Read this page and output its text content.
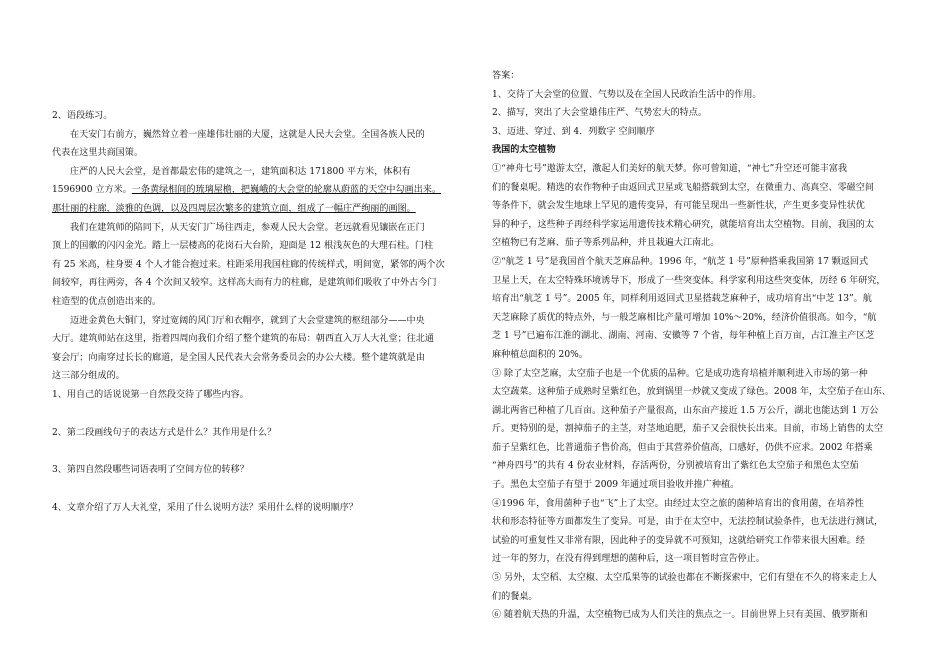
2、语段练习。
在天安门右前方，巍然耸立着一座雄伟壮丽的大厦，这就是人民大会堂。全国各族人民的
代表在这里共商国策。
庄严的人民大会堂，是首都最宏伟的建筑之一，建筑面积达 171800 平方米，体积有
1596900 立方米。一条黄绿相间的琉璃屋檐，把巍峨的大会堂的轮廓从蔚蓝的天空中勾画出来。
那壮丽的柱廊，淡雅的色调，以及四周层次繁多的建筑立面，组成了一幅庄严绚丽的画图。
我们在建筑师的陪同下，从天安门广场往西走，参观人民大会堂。老远就看见镶嵌在正门
顶上的国徽的闪闪金光。踏上一层楼高的花岗石大台阶，迎面是 12 根浅灰色的大理石柱。门柱
有 25 米高，柱身要 4 个人才能合抱过来。柱距采用我国柱廊的传统样式，明间宽，紧邻的两个次
间较窄，再往两旁，各 4 个次间又较窄。这样高大而有力的柱廊，是建筑师们吸收了中外古今门
柱造型的优点创造出来的。
迈进金黄色大铜门，穿过宽阔的风门厅和衣帽亭，就到了大会堂建筑的枢纽部分——中央
大厅。建筑师站在这里，指着四周向我们介绍了整个建筑的布局：朝西直入万人大礼堂；往北通
宴会厅；向南穿过长长的廊道，是全国人民代表大会常务委员会的办公大楼。整个建筑就是由
这三部分组成的。
1、用自己的话说说第一自然段交待了哪些内容。
2、第二段画线句子的表达方式是什么？其作用是什么？
3、第四自然段哪些词语表明了空间方位的转移？
4、文章介绍了万人大礼堂，采用了什么说明方法？采用什么样的说明顺序？
答案：
1、交待了大会堂的位置、气势以及在全国人民政治生活中的作用。
2、描写，突出了大会堂雄伟庄严、气势宏大的特点。
3、迈进、穿过、到 4．列数字 空间顺序
我国的太空植物
①“神舟七号”遨游太空，激起人们美好的航天梦。你可曾知道，“神七”升空还可能丰富我
们的餐桌呢。精选的农作物种子由返回式卫星或飞船搭载到太空，在微重力、高真空、零磁空间
等条件下，就会发生地球上罕见的遗传变异，有可能呈现出一些新性状，产生更多变异性状优
异的种子，这些种子再经科学家运用遗传技术精心研究，就能培育出太空植物。目前，我国的太
空植物已有芝麻、茄子等系列品种，并且栽遍大江南北。
②“航芝 1 号”是我国首个航天芝麻品种。1996 年，“航芝 1 号”原种搭乘我国第 17 颗返回式
卫星上天，在太空特殊环境诱导下，形成了一些突变体。科学家利用这些突变体，历经 6 年研究，
培育出“航芝 1 号”。2005 年，同样利用返回式卫星搭载芝麻种子，成功培育出“中芝 13”。航
天芝麻除了质优的特点外，与一般芝麻相比产量可增加 10%～20%，经济价值很高。如今，“航
芝 1 号”已遍布江淮的湖北、湖南、河南、安徽等 7 个省，每年种植上百万亩，占江淮主产区芝
麻种植总面积的 20%。
③ 除了太空芝麻，太空茄子也是一个优质的品种。它是成功选育培植并顺利进入市场的第一种
太空蔬菜。这种茄子成熟时呈紫红色，放到锅里一炒就又变成了绿色。2008 年，太空茄子在山东、
湖北两省已种植了几百亩。这种茄子产量很高，山东亩产接近 1.5 万公斤，湖北也能达到 1 万公
斤。更特别的是，割掉茄子的主茎，对茎地追肥，茄子又会很快长出来。目前，市场上销售的太空
茄子呈紫红色，比普通茄子售价高，但由于其营养价值高，口感好，仍供不应求。2002 年搭乘
“神舟四号”的共有 4 份农业材料，存活两份，分别被培育出了紫红色太空茄子和黑色太空茄
子。黑色太空茄子有望于 2009 年通过项目验收并推广种植。
④1996 年，食用菌种子也“飞”上了太空。由经过太空之旅的菌种培育出的食用菌，在培养性
状和形态特征等方面都发生了变异。可是，由于在太空中，无法控制试验条件，也无法进行测试，
试验的可重复性又非常有限，因此种子的变异就不可预知，这就给研究工作带来很大困难。经
过一年的努力，在没有得到理想的菌种后，这一项目暂时宣告停止。
⑤ 另外，太空稻、太空椒、太空瓜果等的试验也都在不断探索中，它们有望在不久的将来走上人
们的餐桌。
⑥ 随着航天热的升温，太空植物已成为人们关注的焦点之一。目前世界上只有美国、俄罗斯和
